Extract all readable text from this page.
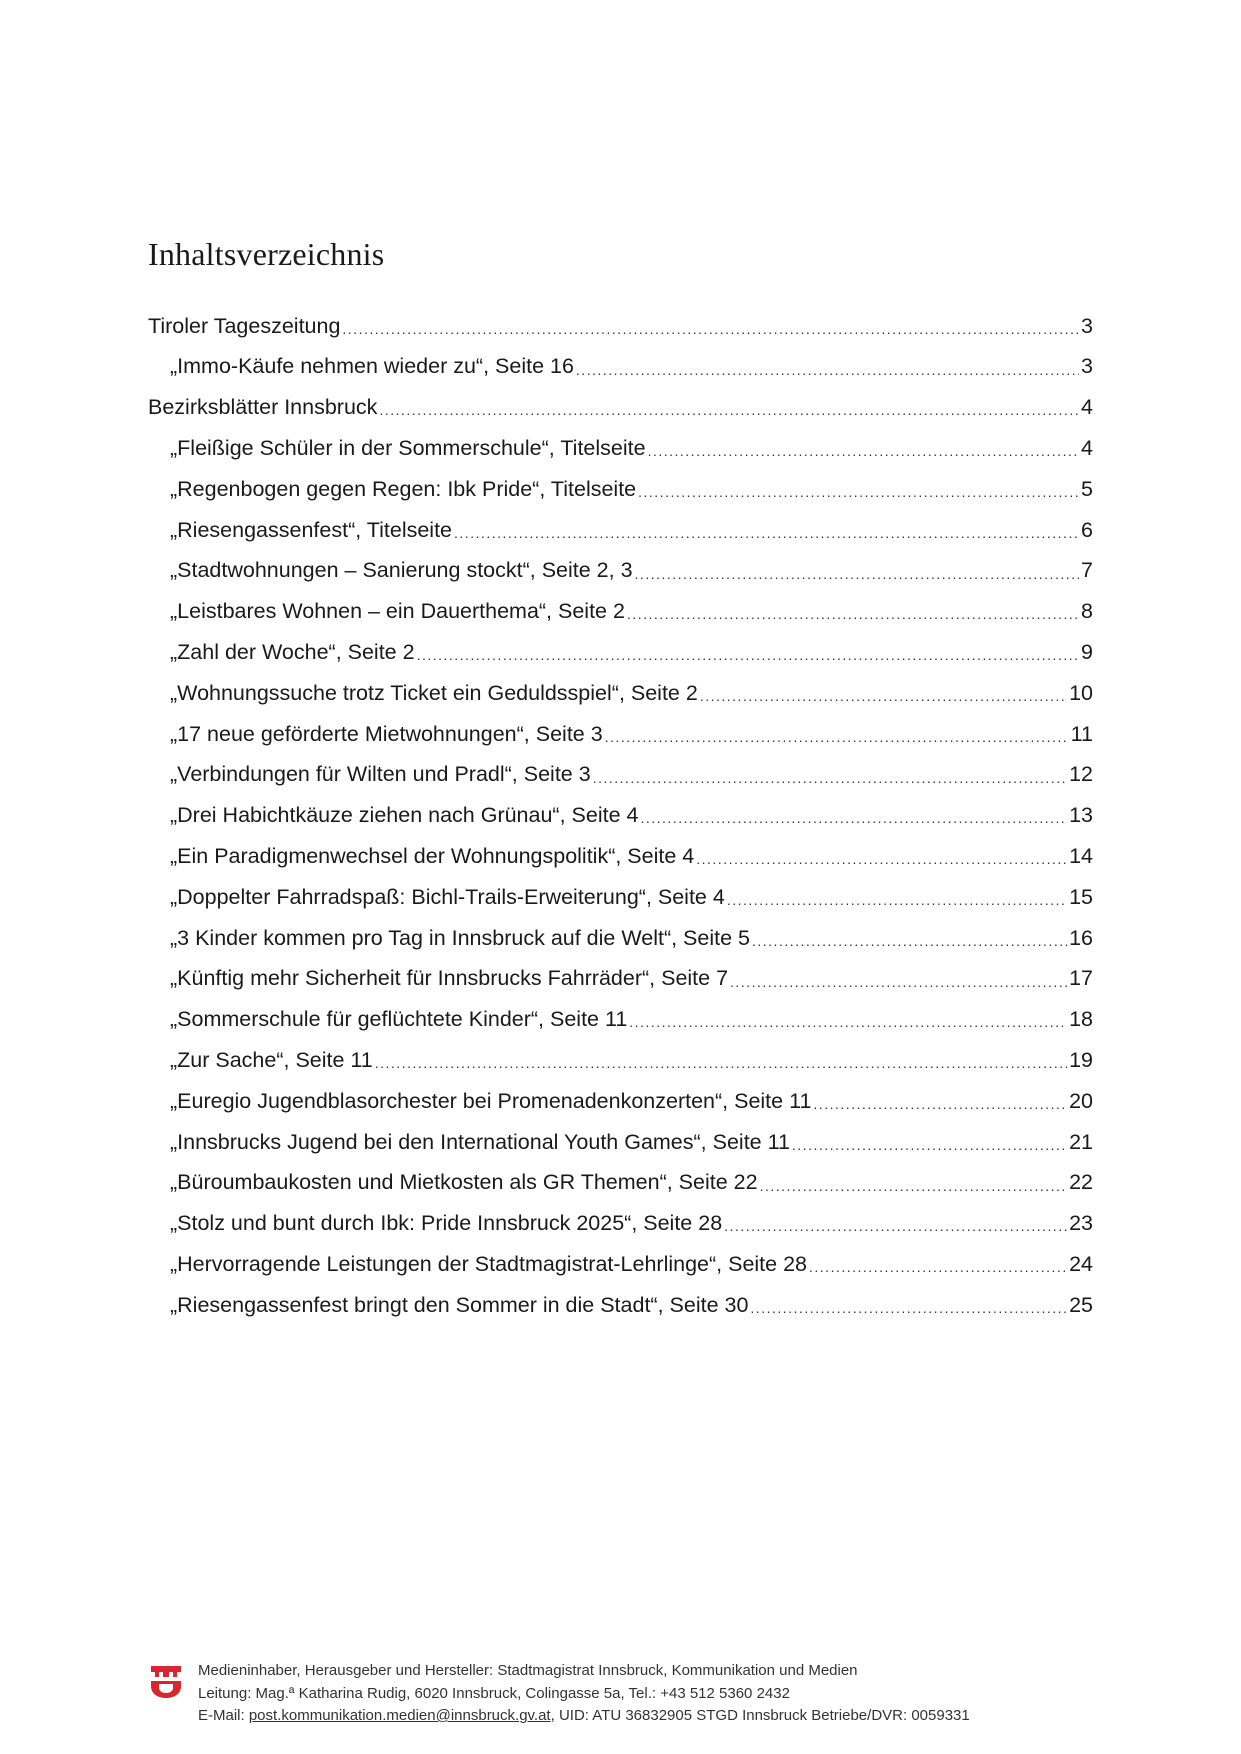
Inhaltsverzeichnis
Tiroler Tageszeitung .....	3
„Immo-Käufe nehmen wieder zu“, Seite 16 .....	3
Bezirksblätter Innsbruck .....	4
„Fleißige Schüler in der Sommerschule“, Titelseite .....	4
„Regenbogen gegen Regen: Ibk Pride“, Titelseite .....	5
„Riesengassenfest“, Titelseite .....	6
„Stadtwohnungen – Sanierung stockt“, Seite 2, 3 .....	7
„Leistbares Wohnen – ein Dauerthema“, Seite 2 .....	8
„Zahl der Woche“, Seite 2 .....	9
„Wohnungssuche trotz Ticket ein Geduldsspiel“, Seite 2 .....	10
„17 neue geförderte Mietwohnungen“, Seite 3 .....	11
„Verbindungen für Wilten und Pradl“, Seite 3 .....	12
„Drei Habichtkäuze ziehen nach Grünau“, Seite 4 .....	13
„Ein Paradigmenwechsel der Wohnungspolitik“, Seite 4 .....	14
„Doppelter Fahrradspaß: Bichl-Trails-Erweiterung“, Seite 4 .....	15
„3 Kinder kommen pro Tag in Innsbruck auf die Welt“, Seite 5 .....	16
„Künftig mehr Sicherheit für Innsbrucks Fahrräder“, Seite 7 .....	17
„Sommerschule für geflüchtete Kinder“, Seite 11 .....	18
„Zur Sache“, Seite 11 .....	19
„Euregio Jugendblasorchester bei Promenadenkonzerten“, Seite 11 .....	20
„Innsbrucks Jugend bei den International Youth Games“, Seite 11 .....	21
„Büroumbaukosten und Mietkosten als GR Themen“, Seite 22 .....	22
„Stolz und bunt durch Ibk: Pride Innsbruck 2025“, Seite 28 .....	23
„Hervorragende Leistungen der Stadtmagistrat-Lehrlinge“, Seite 28 .....	24
„Riesengassenfest bringt den Sommer in die Stadt“, Seite 30 .....	25
Medieninhaber, Herausgeber und Hersteller: Stadtmagistrat Innsbruck, Kommunikation und Medien
Leitung: Mag.ª Katharina Rudig, 6020 Innsbruck, Colingasse 5a, Tel.: +43 512 5360 2432
E-Mail: post.kommunikation.medien@innsbruck.gv.at, UID: ATU 36832905 STGD Innsbruck Betriebe/DVR: 0059331
